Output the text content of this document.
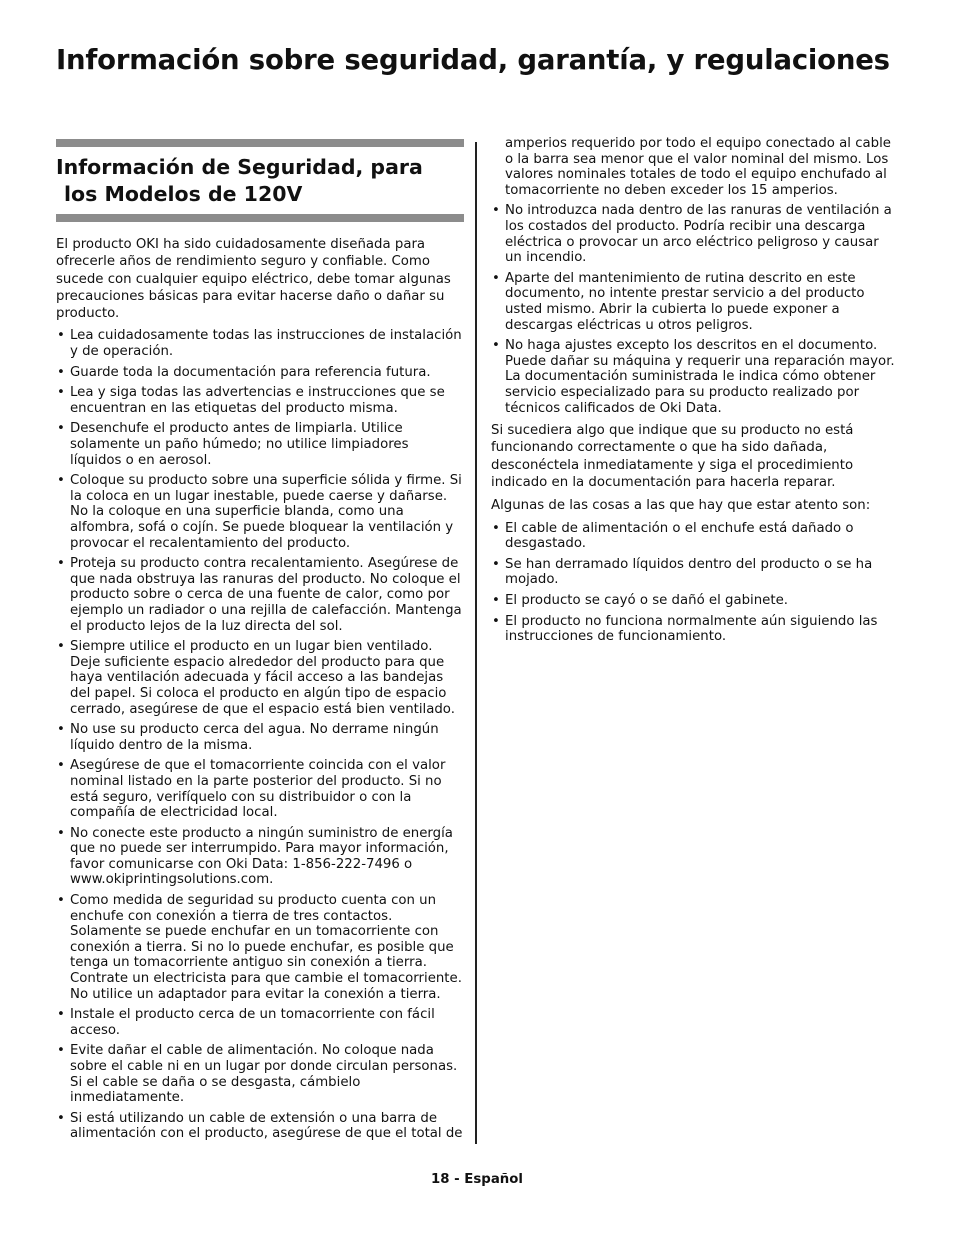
Información sobre seguridad, garantía, y regulaciones
Información de Seguridad, para
los Modelos de 120V

El producto OKI ha sido cuidadosamente diseñada para ofrecerle años de rendimiento seguro y confiable. Como sucede con cualquier equipo eléctrico, debe tomar algunas precauciones básicas para evitar hacerse daño o dañar su producto.

• Lea cuidadosamente todas las instrucciones de instalación y de operación.
• Guarde toda la documentación para referencia futura.
• Lea y siga todas las advertencias e instrucciones que se encuentran en las etiquetas del producto misma.
• Desenchufe el producto antes de limpiarla. Utilice solamente un paño húmedo; no utilice limpiadores líquidos o en aerosol.
• Coloque su producto sobre una superficie sólida y firme. Si la coloca en un lugar inestable, puede caerse y dañarse. No la coloque en una superficie blanda, como una alfombra, sofá o cojín. Se puede bloquear la ventilación y provocar el recalentamiento del producto.
• Proteja su producto contra recalentamiento. Asegúrese de que nada obstruya las ranuras del producto. No coloque el producto sobre o cerca de una fuente de calor, como por ejemplo un radiador o una rejilla de calefacción. Mantenga el producto lejos de la luz directa del sol.
• Siempre utilice el producto en un lugar bien ventilado. Deje suficiente espacio alrededor del producto para que haya ventilación adecuada y fácil acceso a las bandejas del papel. Si coloca el producto en algún tipo de espacio cerrado, asegúrese de que el espacio está bien ventilado.
• No use su producto cerca del agua. No derrame ningún líquido dentro de la misma.
• Asegúrese de que el tomacorriente coincida con el valor nominal listado en la parte posterior del producto. Si no está seguro, verifíquelo con su distribuidor o con la compañía de electricidad local.
• No conecte este producto a ningún suministro de energía que no puede ser interrumpido. Para mayor información, favor comunicarse con Oki Data: 1-856-222-7496 o www.okiprintingsolutions.com.
• Como medida de seguridad su producto cuenta con un enchufe con conexión a tierra de tres contactos. Solamente se puede enchufar en un tomacorriente con conexión a tierra. Si no lo puede enchufar, es posible que tenga un tomacorriente antiguo sin conexión a tierra. Contrate un electricista para que cambie el tomacorriente. No utilice un adaptador para evitar la conexión a tierra.
• Instale el producto cerca de un tomacorriente con fácil acceso.
• Evite dañar el cable de alimentación. No coloque nada sobre el cable ni en un lugar por donde circulan personas. Si el cable se daña o se desgasta, cámbielo inmediatamente.
• Si está utilizando un cable de extensión o una barra de alimentación con el producto, asegúrese de que el total de
amperios requerido por todo el equipo conectado al cable o la barra sea menor que el valor nominal del mismo. Los valores nominales totales de todo el equipo enchufado al tomacorriente no deben exceder los 15 amperios.
• No introduzca nada dentro de las ranuras de ventilación a los costados del producto. Podría recibir una descarga eléctrica o provocar un arco eléctrico peligroso y causar un incendio.
• Aparte del mantenimiento de rutina descrito en este documento, no intente prestar servicio a del producto usted mismo. Abrir la cubierta lo puede exponer a descargas eléctricas u otros peligros.
• No haga ajustes excepto los descritos en el documento. Puede dañar su máquina y requerir una reparación mayor. La documentación suministrada le indica cómo obtener servicio especializado para su producto realizado por técnicos calificados de Oki Data.

Si sucediera algo que indique que su producto no está funcionando correctamente o que ha sido dañada, desconéctela inmediatamente y siga el procedimiento indicado en la documentación para hacerla reparar.

Algunas de las cosas a las que hay que estar atento son:

• El cable de alimentación o el enchufe está dañado o desgastado.
• Se han derramado líquidos dentro del producto o se ha mojado.
• El producto se cayó o se dañó el gabinete.
• El producto no funciona normalmente aún siguiendo las instrucciones de funcionamiento.
18 - Español
